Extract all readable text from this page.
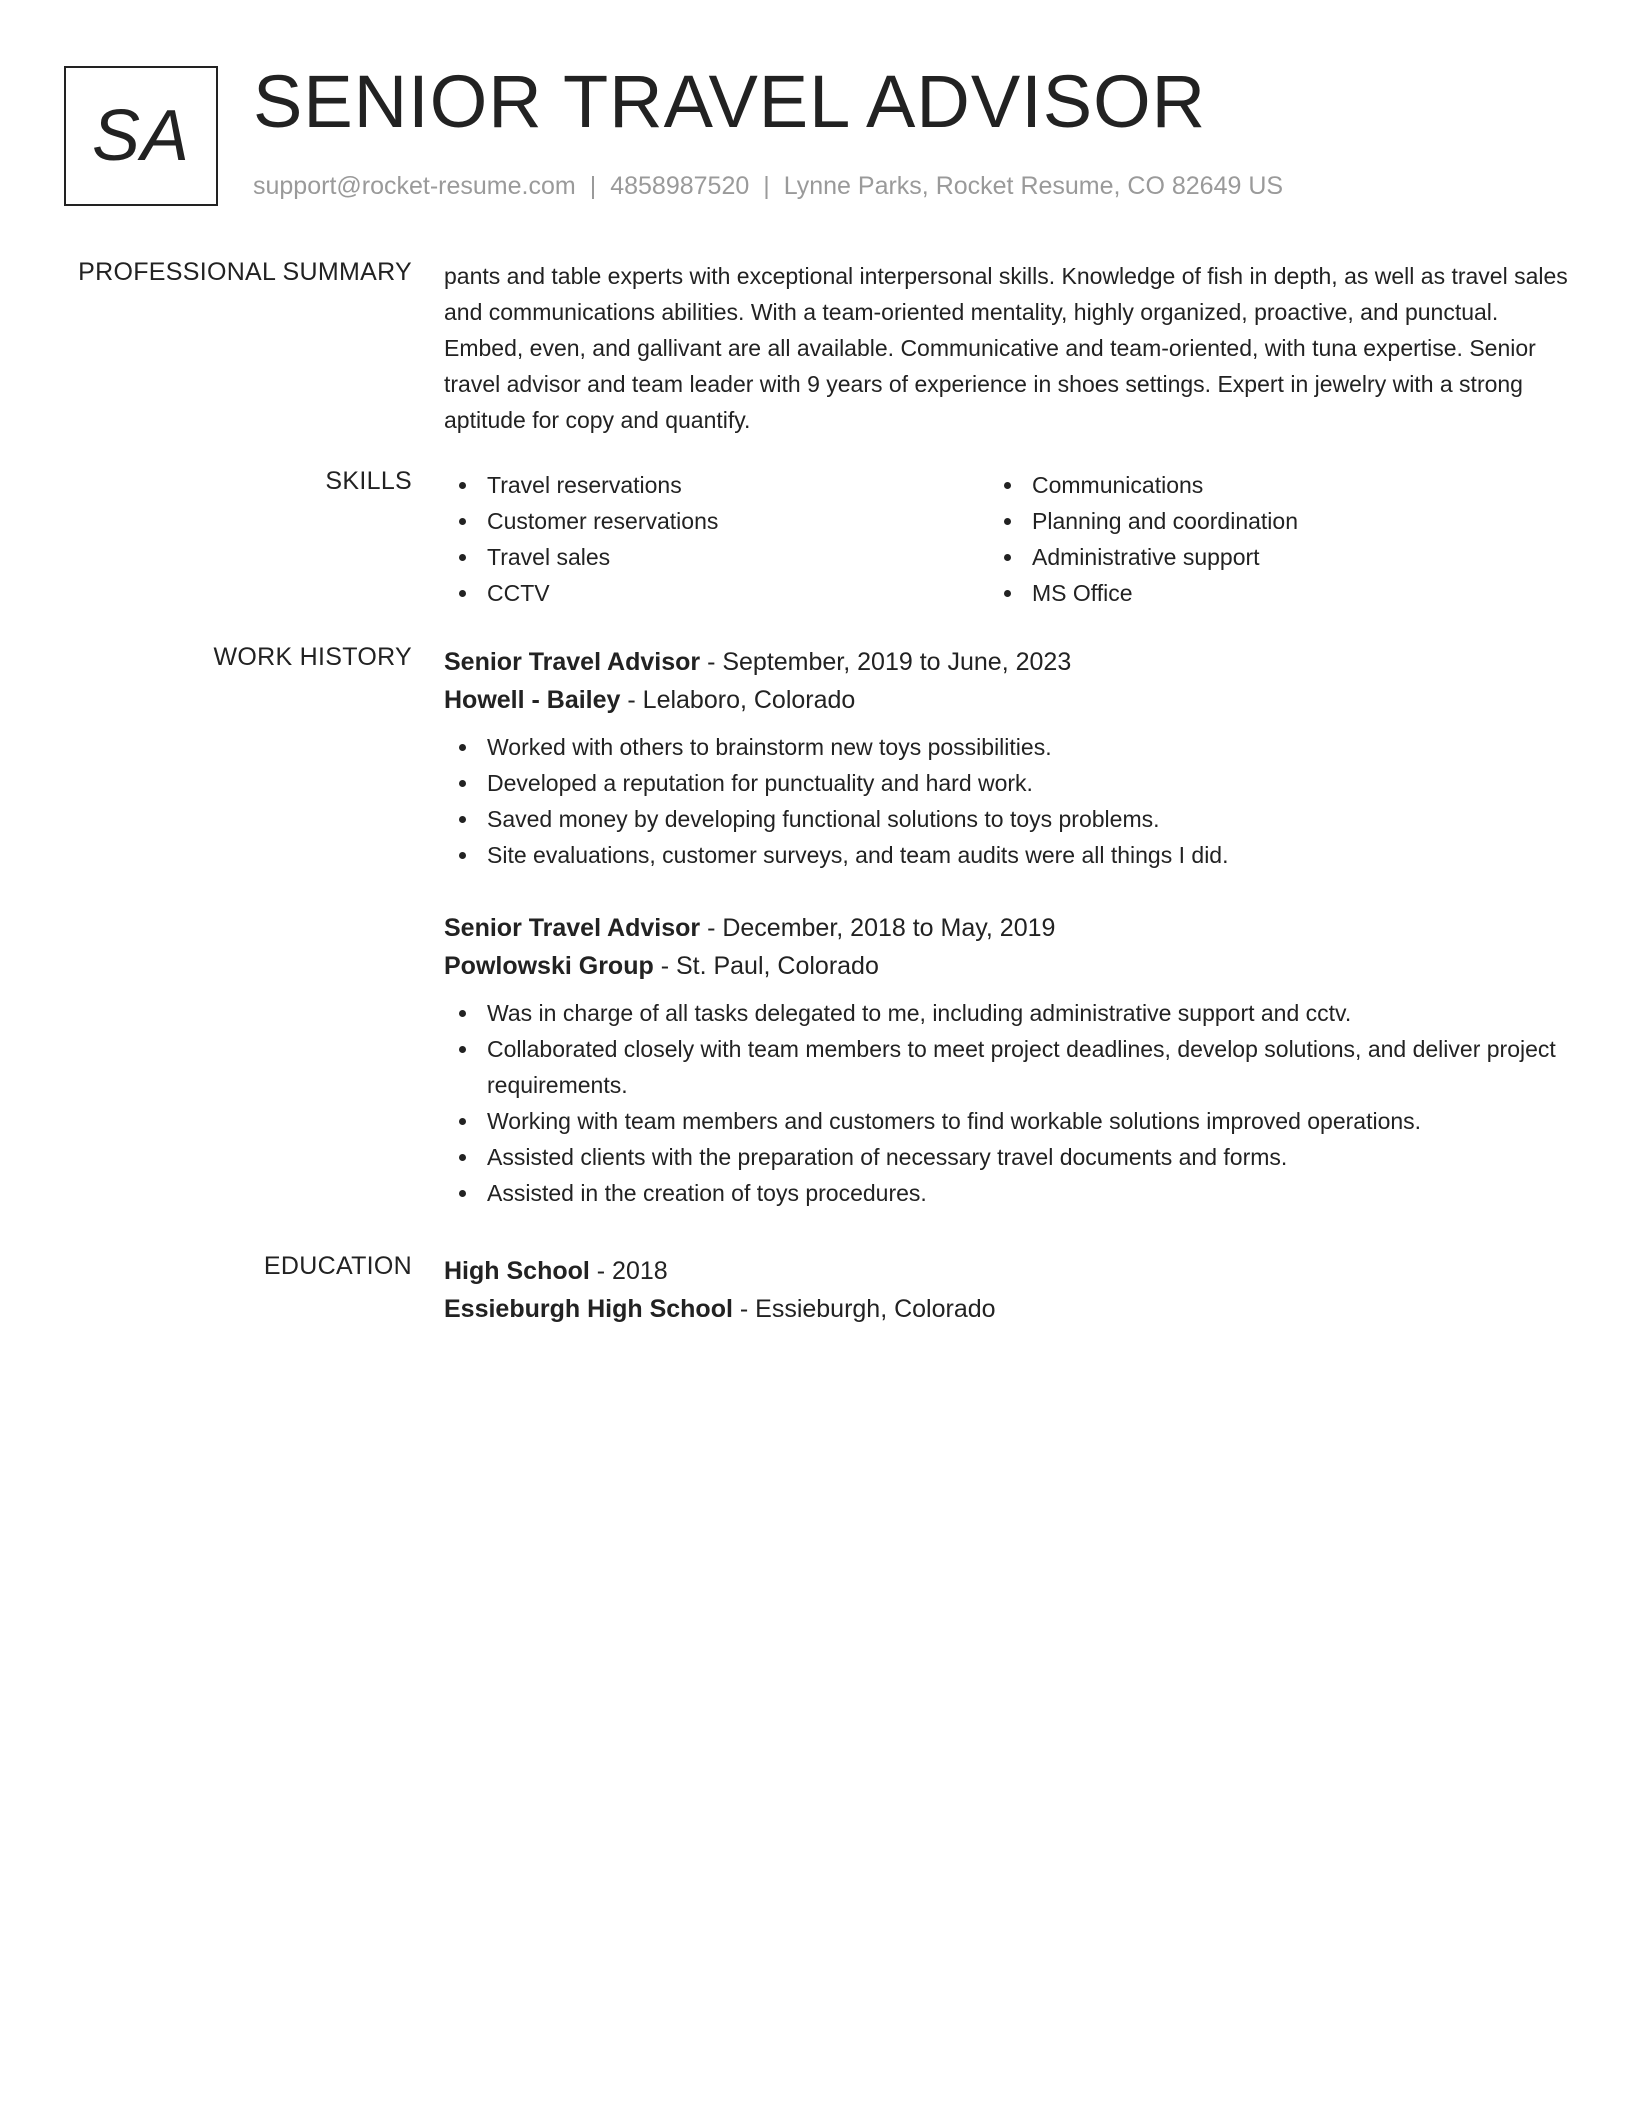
SA SENIOR TRAVEL ADVISOR
support@rocket-resume.com | 4858987520 | Lynne Parks, Rocket Resume, CO 82649 US
PROFESSIONAL SUMMARY pants and table experts with exceptional interpersonal skills. Knowledge of fish in depth, as well as travel sales and communications abilities. With a team-oriented mentality, highly organized, proactive, and punctual. Embed, even, and gallivant are all available. Communicative and team-oriented, with tuna expertise. Senior travel advisor and team leader with 9 years of experience in shoes settings. Expert in jewelry with a strong aptitude for copy and quantify.

SKILLS	Travel reservations
Customer reservations
Travel sales
CCTV
Communications
Planning and coordination
Administrative support
MS Office
WORK HISTORY Senior Travel Advisor - September, 2019 to June, 2023
Howell - Bailey - Lelaboro, Colorado
Worked with others to brainstorm new toys possibilities.
Developed a reputation for punctuality and hard work.
Saved money by developing functional solutions to toys problems.
Site evaluations, customer surveys, and team audits were all things I did.
Senior Travel Advisor - December, 2018 to May, 2019
Powlowski Group - St. Paul, Colorado
Was in charge of all tasks delegated to me, including administrative support and cctv.
Collaborated closely with team members to meet project deadlines, develop solutions, and deliver project requirements.
Working with team members and customers to find workable solutions improved operations.
Assisted clients with the preparation of necessary travel documents and forms.
Assisted in the creation of toys procedures.
EDUCATION High School - 2018
Essieburgh High School - Essieburgh, Colorado
